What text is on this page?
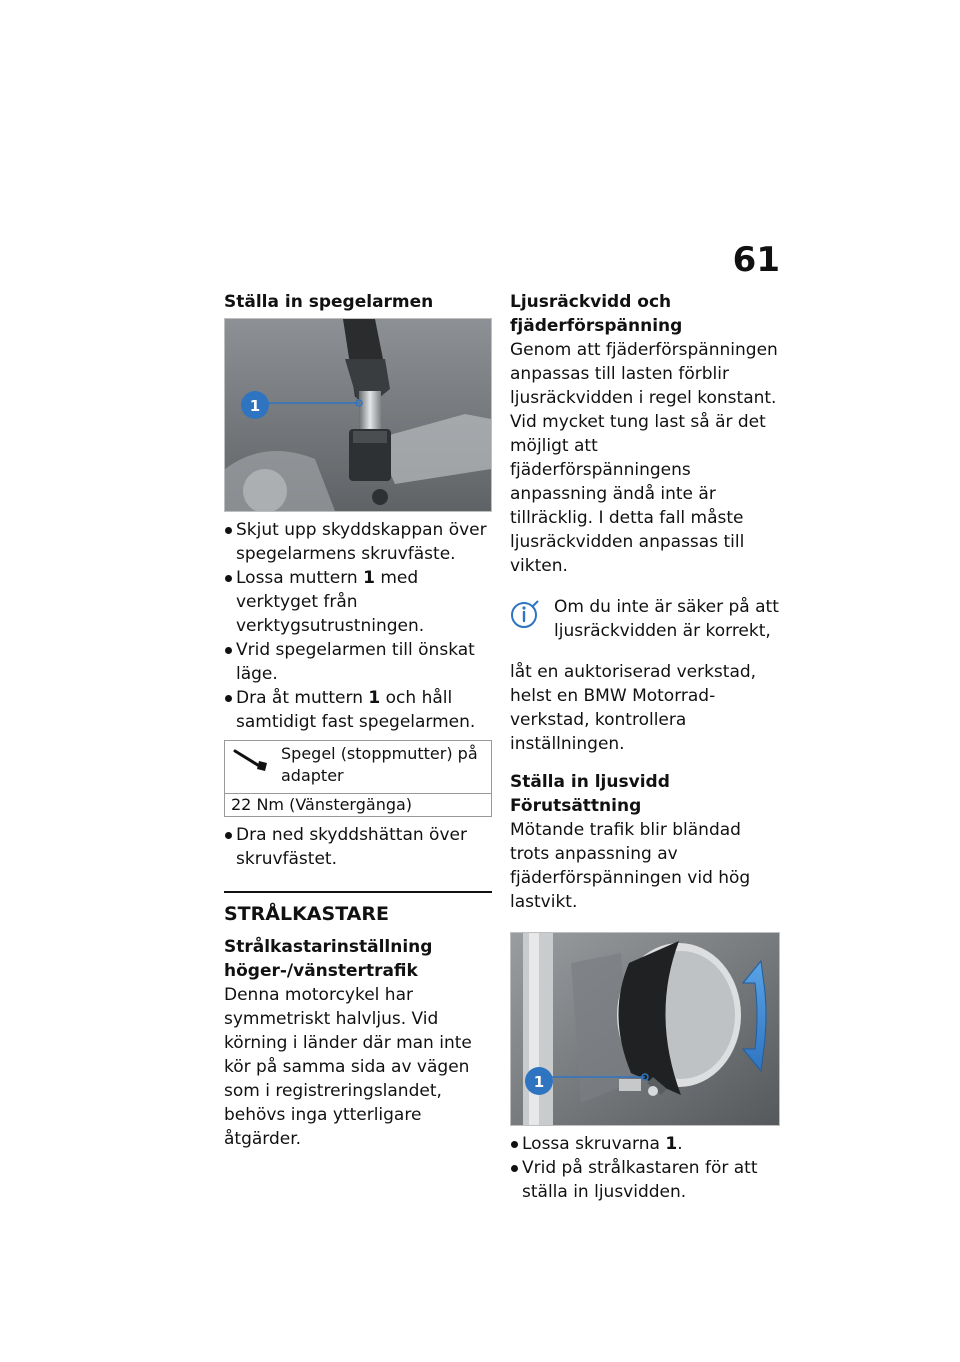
61

Ställa in spegelarmen

1
Skjut upp skyddskappan över spegelarmens skruvfäste.
Lossa muttern 1 med verktyget från verktygsutrustningen.
Vrid spegelarmen till önskat läge.
Dra åt muttern 1 och håll samtidigt fast spegelarmen.
Spegel (stoppmutter) på adapter
22 Nm (Vänstergänga)
Dra ned skyddshättan över skruvfästet.

STRÅLKASTARE

Strålkastarinställning höger-/vänstertrafik

Denna motorcykel har symmetriskt halvljus. Vid körning i länder där man inte kör på samma sida av vägen som i registreringslandet, behövs inga ytterligare åtgärder.

Ljusräckvidd och fjäderförspänning

Genom att fjäderförspänningen anpassas till lasten förblir ljusräckvidden i regel konstant.

Vid mycket tung last så är det möjligt att fjäderförspänningens anpassning ändå inte är tillräcklig. I detta fall måste ljusräckvidden anpassas till vikten.

Om du inte är säker på att ljusräckvidden är korrekt,

låt en auktoriserad verkstad, helst en BMW Motorrad-verkstad, kontrollera inställningen.

Ställa in ljusvidd

Förutsättning

Mötande trafik blir bländad trots anpassning av fjäderförspänningen vid hög lastvikt.

1
Lossa skruvarna 1.
Vrid på strålkastaren för att ställa in ljusvidden.
